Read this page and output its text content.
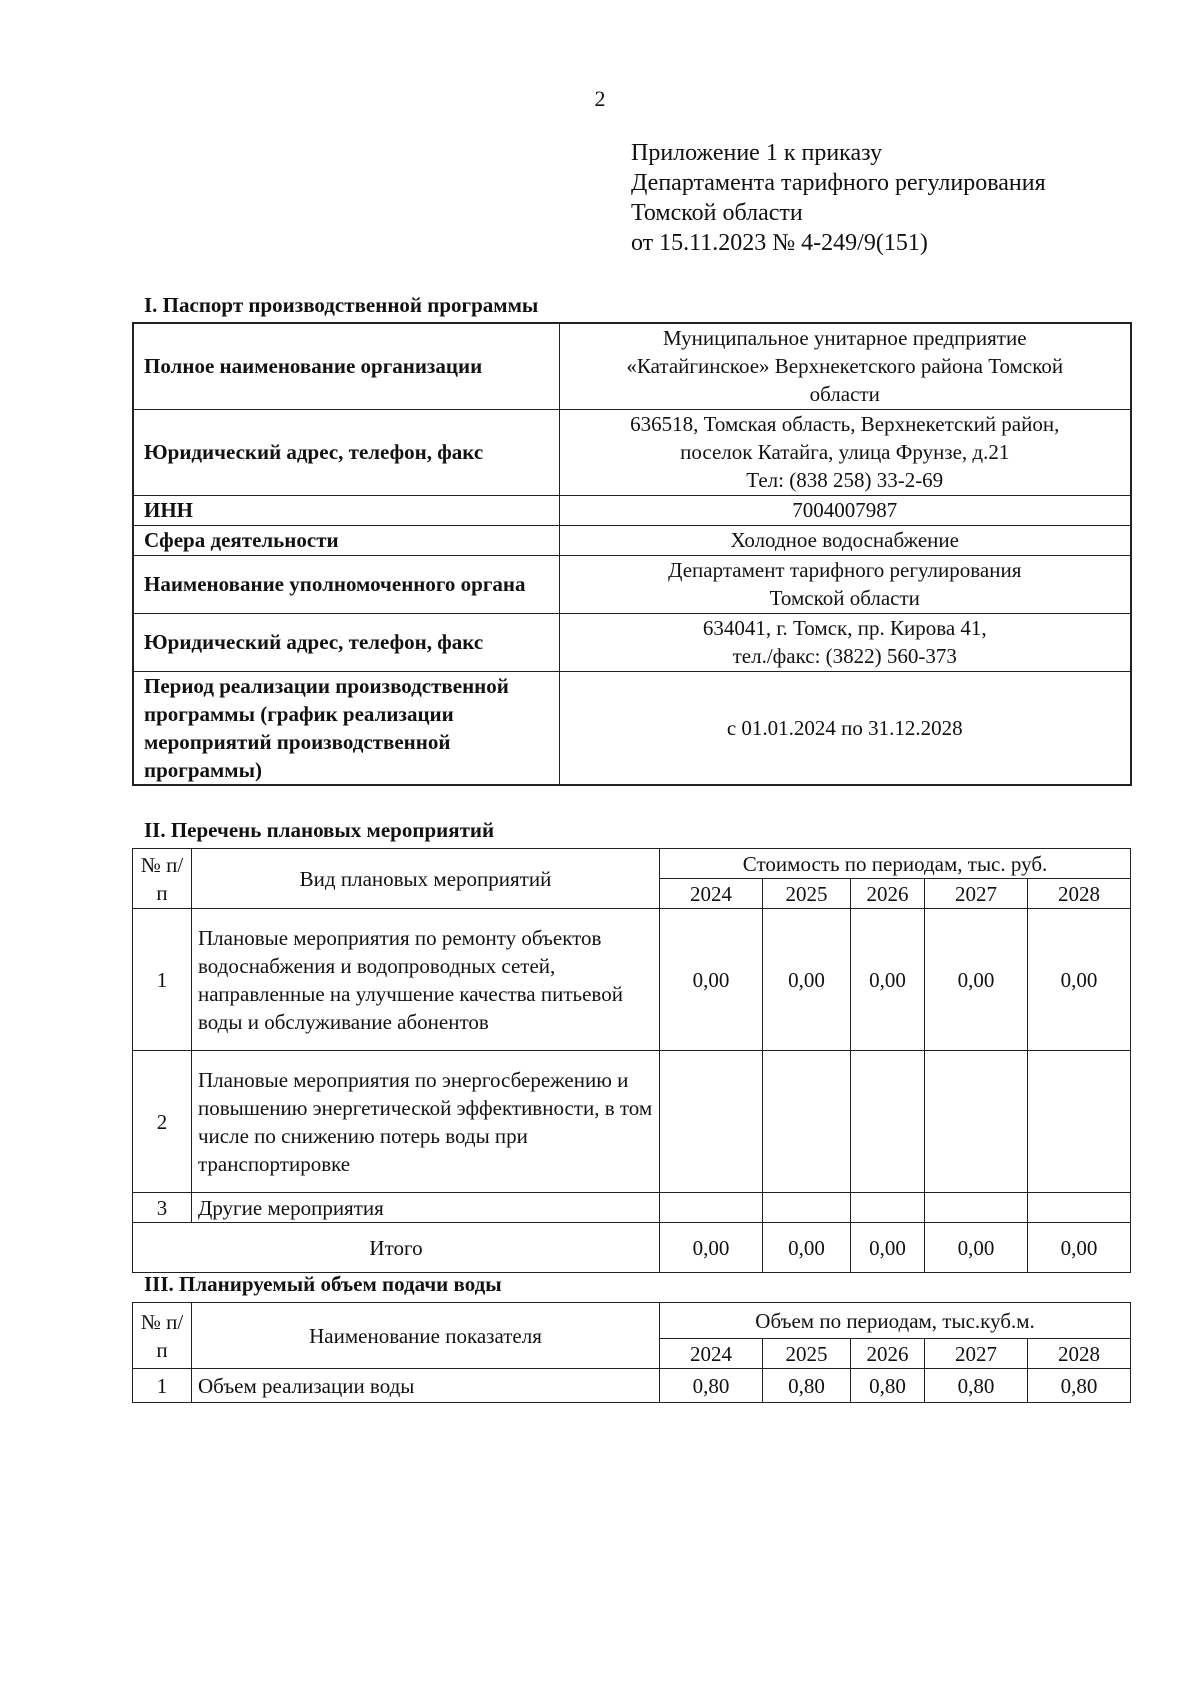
2
Приложение 1 к приказу
Департамента тарифного регулирования
Томской области
от 15.11.2023 № 4-249/9(151)
I. Паспорт производственной программы
Полное наименование организации	Муниципальное унитарное предприятие
«Катайгинское» Верхнекетского района Томской
области

Юридический адрес, телефон, факс	636518, Томская область, Верхнекетский район,
поселок Катайга, улица Фрунзе, д.21
Тел: (838 258) 33-2-69

ИНН	7004007987
Сфера деятельности	Холодное водоснабжение
Наименование уполномоченного органа	Департамент тарифного регулирования
Томской области

Юридический адрес, телефон, факс	634041, г. Томск, пр. Кирова 41,
тел./факс: (3822) 560-373

Период реализации производственной программы (график реализации мероприятий производственной программы)	с 01.01.2024 по 31.12.2028
II. Перечень плановых мероприятий
№ п/п	Вид плановых мероприятий	Стоимость по периодам, тыс. руб.				
		2024	2025	2026	2027	2028
1	Плановые мероприятия по ремонту объектов водоснабжения и водопроводных сетей, направленные на улучшение качества питьевой воды и обслуживание абонентов	0,00	0,00	0,00	0,00	0,00
2	Плановые мероприятия по энергосбережению и повышению энергетической эффективности, в том числе по снижению потерь воды при транспортировке					
3	Другие мероприятия					
Итого		0,00	0,00	0,00	0,00	0,00
III. Планируемый объем подачи воды
№ п/п	Наименование показателя	Объем по периодам, тыс.куб.м.				
		2024	2025	2026	2027	2028
1	Объем реализации воды	0,80	0,80	0,80	0,80	0,80
